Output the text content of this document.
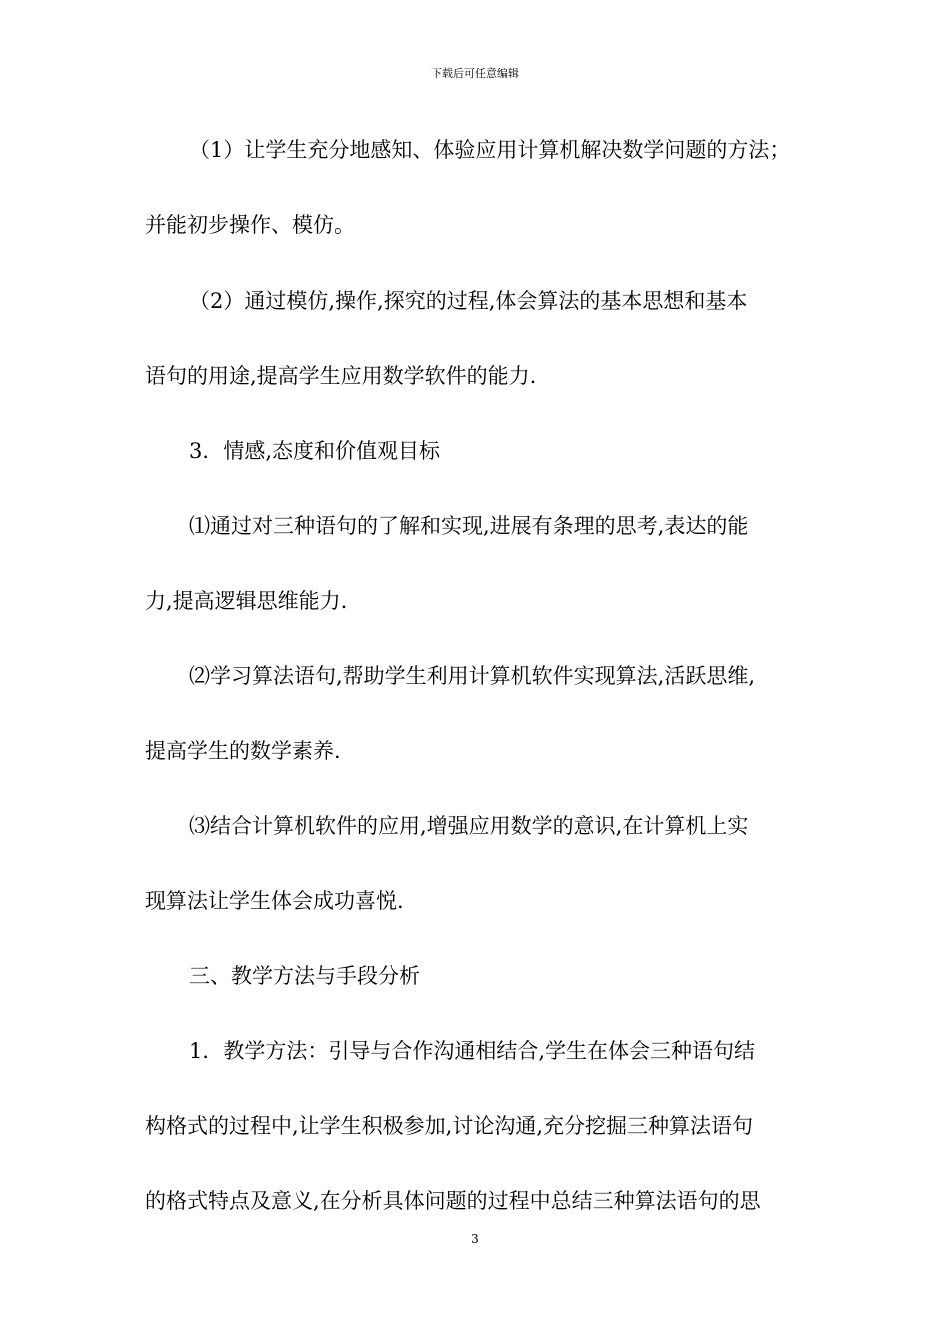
下载后可任意编辑
（1）让学生充分地感知、体验应用计算机解决数学问题的方法；
并能初步操作、模仿。
（2）通过模仿,操作,探究的过程,体会算法的基本思想和基本
语句的用途,提高学生应用数学软件的能力.
3．情感,态度和价值观目标
⑴通过对三种语句的了解和实现,进展有条理的思考,表达的能
力,提高逻辑思维能力.
⑵学习算法语句,帮助学生利用计算机软件实现算法,活跃思维,
提高学生的数学素养.
⑶结合计算机软件的应用,增强应用数学的意识,在计算机上实
现算法让学生体会成功喜悦.
三、教学方法与手段分析
1．教学方法：引导与合作沟通相结合,学生在体会三种语句结
构格式的过程中,让学生积极参加,讨论沟通,充分挖掘三种算法语句
的格式特点及意义,在分析具体问题的过程中总结三种算法语句的思
3
